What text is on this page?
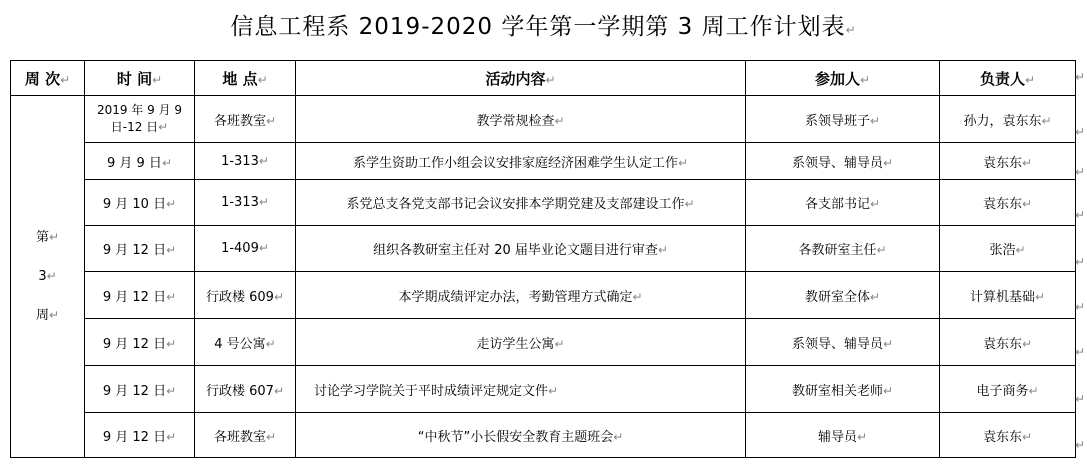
信息工程系 2019-2020 学年第一学期第 3 周工作计划表↵
周 次↵	时 间↵	地 点↵	活动内容↵	参加人↵	负责人↵

第↵
3↵
周↵	2019 年 9 月 9 日-12 日↵	各班教室↵	教学常规检查↵	系领导班子↵	孙力，袁东东↵
	9 月 9 日↵	1-313↵	系学生资助工作小组会议安排家庭经济困难学生认定工作↵	系领导、辅导员↵	袁东东↵
	9 月 10 日↵	1-313↵	系党总支各党支部书记会议安排本学期党建及支部建设工作↵	各支部书记↵	袁东东↵
	9 月 12 日↵	1-409↵	组织各教研室主任对 20 届毕业论文题目进行审查↵	各教研室主任↵	张浩↵
	9 月 12 日↵	行政楼 609↵	本学期成绩评定办法，考勤管理方式确定↵	教研室全体↵	计算机基础↵
	9 月 12 日↵	4 号公寓↵	走访学生公寓↵	系领导、辅导员↵	袁东东↵
	9 月 12 日↵	行政楼 607↵	讨论学习学院关于平时成绩评定规定文件↵	教研室相关老师↵	电子商务↵
	9 月 12 日↵	各班教室↵	“中秋节”小长假安全教育主题班会↵	辅导员↵	袁东东↵
↵
↵
↵
↵
↵
↵
↵
↵
↵
